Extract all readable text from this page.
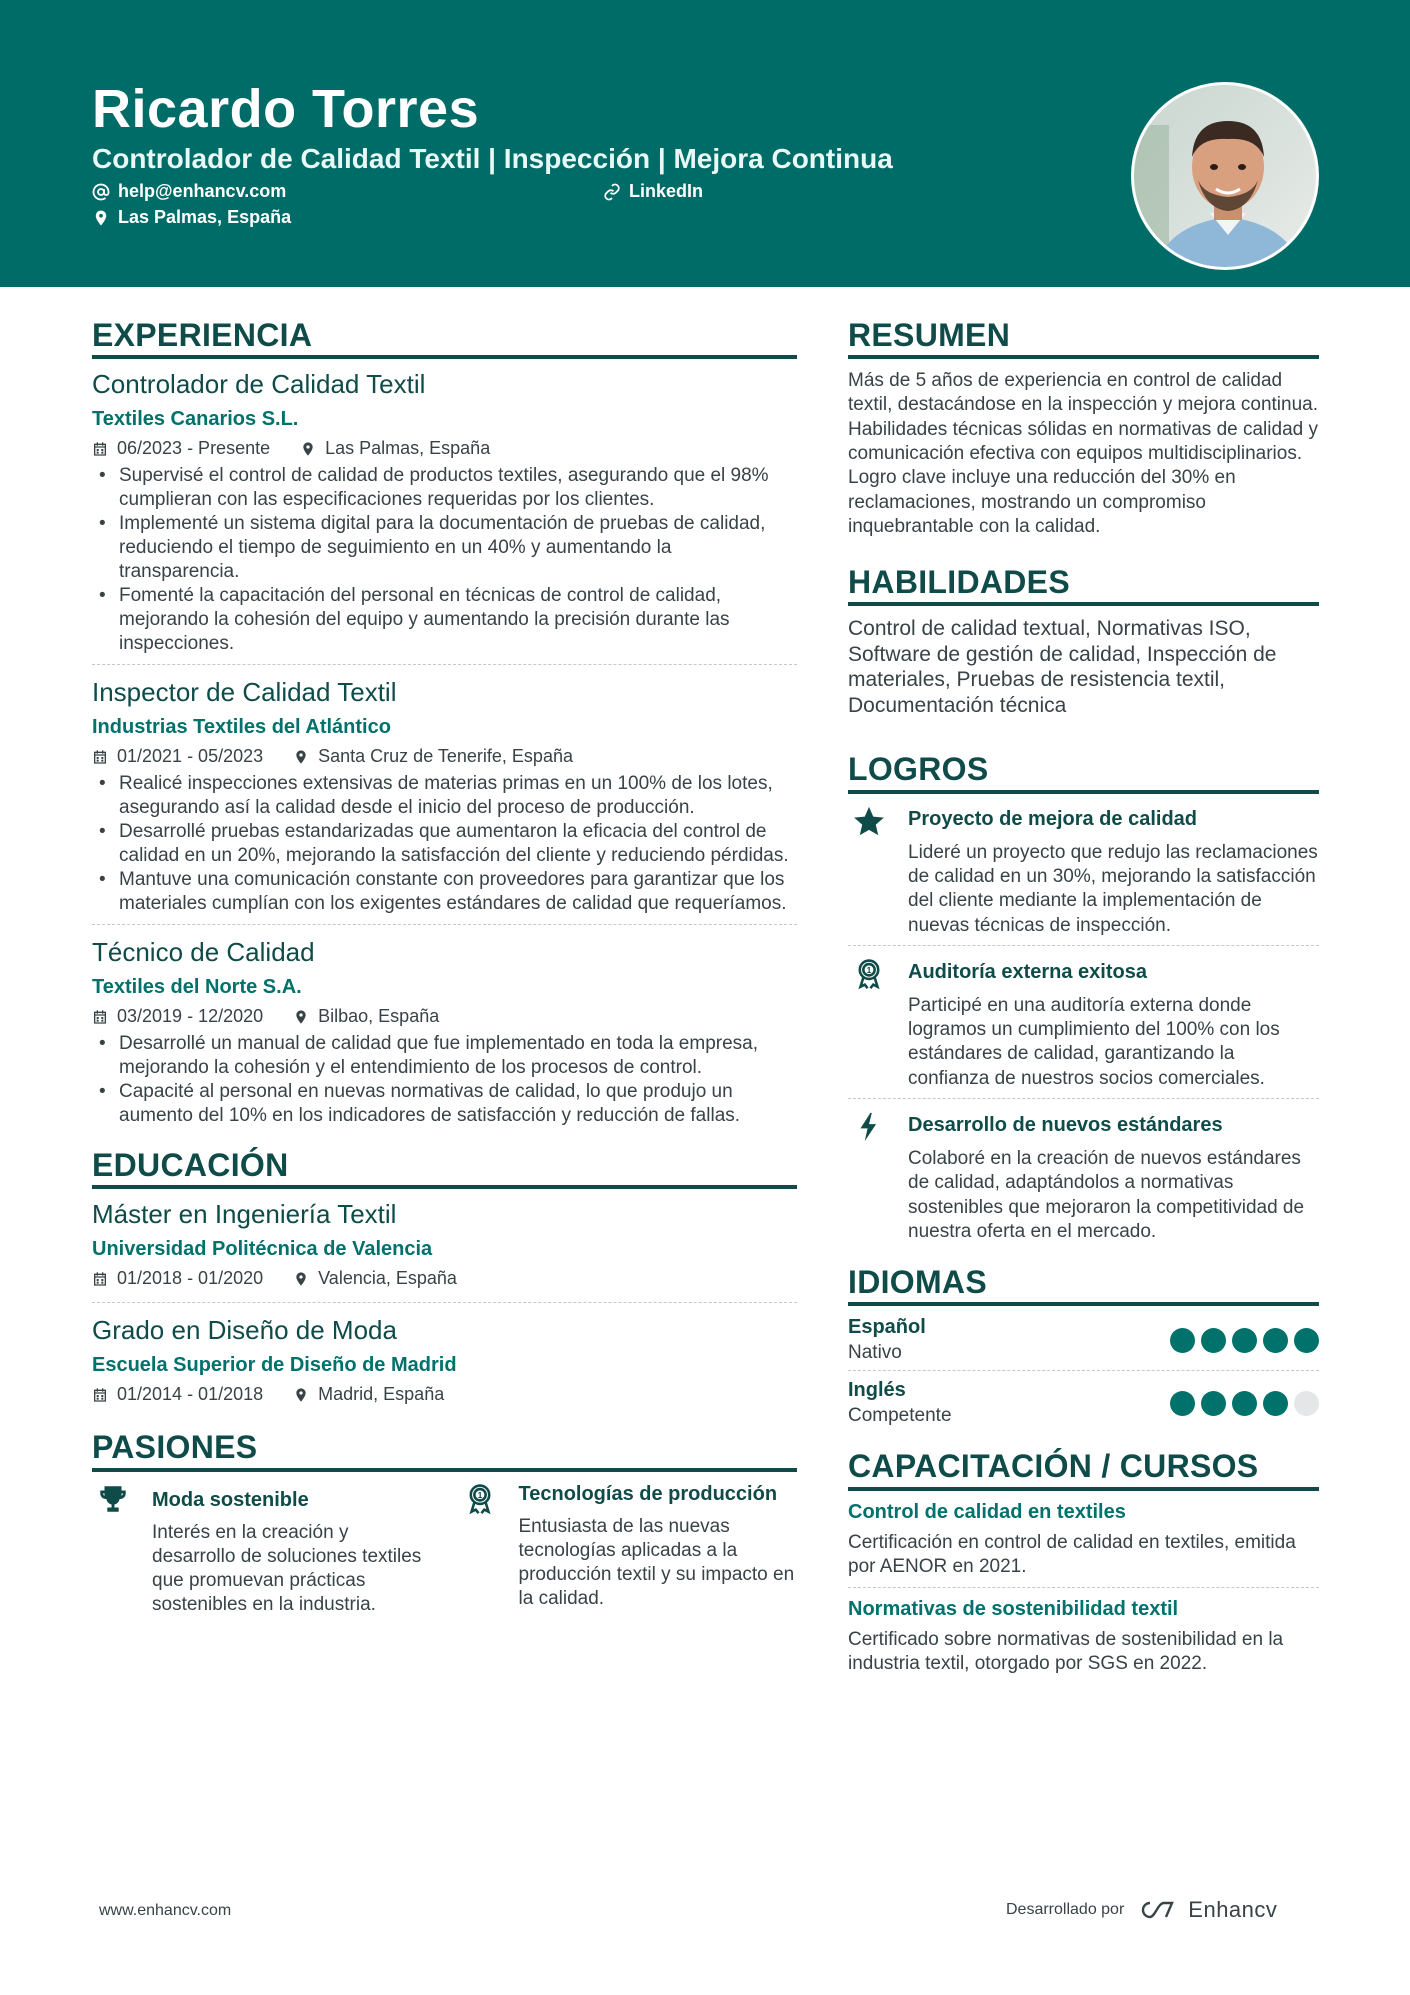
Ricardo Torres
Controlador de Calidad Textil | Inspección | Mejora Continua
help@enhancv.com	LinkedIn
Las Palmas, España
EXPERIENCIA
Controlador de Calidad Textil
Textiles Canarios S.L.
06/2023 - Presente	Las Palmas, España
• Supervisé el control de calidad de productos textiles, asegurando que el 98% cumplieran con las especificaciones requeridas por los clientes.
• Implementé un sistema digital para la documentación de pruebas de calidad, reduciendo el tiempo de seguimiento en un 40% y aumentando la transparencia.
• Fomenté la capacitación del personal en técnicas de control de calidad, mejorando la cohesión del equipo y aumentando la precisión durante las inspecciones.
Inspector de Calidad Textil
Industrias Textiles del Atlántico
01/2021 - 05/2023	Santa Cruz de Tenerife, España
• Realicé inspecciones extensivas de materias primas en un 100% de los lotes, asegurando así la calidad desde el inicio del proceso de producción.
• Desarrollé pruebas estandarizadas que aumentaron la eficacia del control de calidad en un 20%, mejorando la satisfacción del cliente y reduciendo pérdidas.
• Mantuve una comunicación constante con proveedores para garantizar que los materiales cumplían con los exigentes estándares de calidad que requeríamos.
Técnico de Calidad
Textiles del Norte S.A.
03/2019 - 12/2020	Bilbao, España
• Desarrollé un manual de calidad que fue implementado en toda la empresa, mejorando la cohesión y el entendimiento de los procesos de control.
• Capacité al personal en nuevas normativas de calidad, lo que produjo un aumento del 10% en los indicadores de satisfacción y reducción de fallas.
EDUCACIÓN
Máster en Ingeniería Textil
Universidad Politécnica de Valencia
01/2018 - 01/2020	Valencia, España
Grado en Diseño de Moda
Escuela Superior de Diseño de Madrid
01/2014 - 01/2018	Madrid, España
PASIONES
Moda sostenible
Interés en la creación y desarrollo de soluciones textiles que promuevan prácticas sostenibles en la industria.
1 Tecnologías de producción
Entusiasta de las nuevas tecnologías aplicadas a la producción textil y su impacto en la calidad.
RESUMEN
Más de 5 años de experiencia en control de calidad textil, destacándose en la inspección y mejora continua. Habilidades técnicas sólidas en normativas de calidad y comunicación efectiva con equipos multidisciplinarios. Logro clave incluye una reducción del 30% en reclamaciones, mostrando un compromiso inquebrantable con la calidad.
HABILIDADES
Control de calidad textual, Normativas ISO, Software de gestión de calidad, Inspección de materiales, Pruebas de resistencia textil, Documentación técnica
LOGROS
Proyecto de mejora de calidad
Lideré un proyecto que redujo las reclamaciones de calidad en un 30%, mejorando la satisfacción del cliente mediante la implementación de nuevas técnicas de inspección.
1 Auditoría externa exitosa
Participé en una auditoría externa donde logramos un cumplimiento del 100% con los estándares de calidad, garantizando la confianza de nuestros socios comerciales.
Desarrollo de nuevos estándares
Colaboré en la creación de nuevos estándares de calidad, adaptándolos a normativas sostenibles que mejoraron la competitividad de nuestra oferta en el mercado.
IDIOMAS
Español
Nativo
Inglés
Competente
CAPACITACIÓN / CURSOS
Control de calidad en textiles
Certificación en control de calidad en textiles, emitida por AENOR en 2021.
Normativas de sostenibilidad textil
Certificado sobre normativas de sostenibilidad en la industria textil, otorgado por SGS en 2022.
www.enhancv.com	Desarrollado por	Enhancv
